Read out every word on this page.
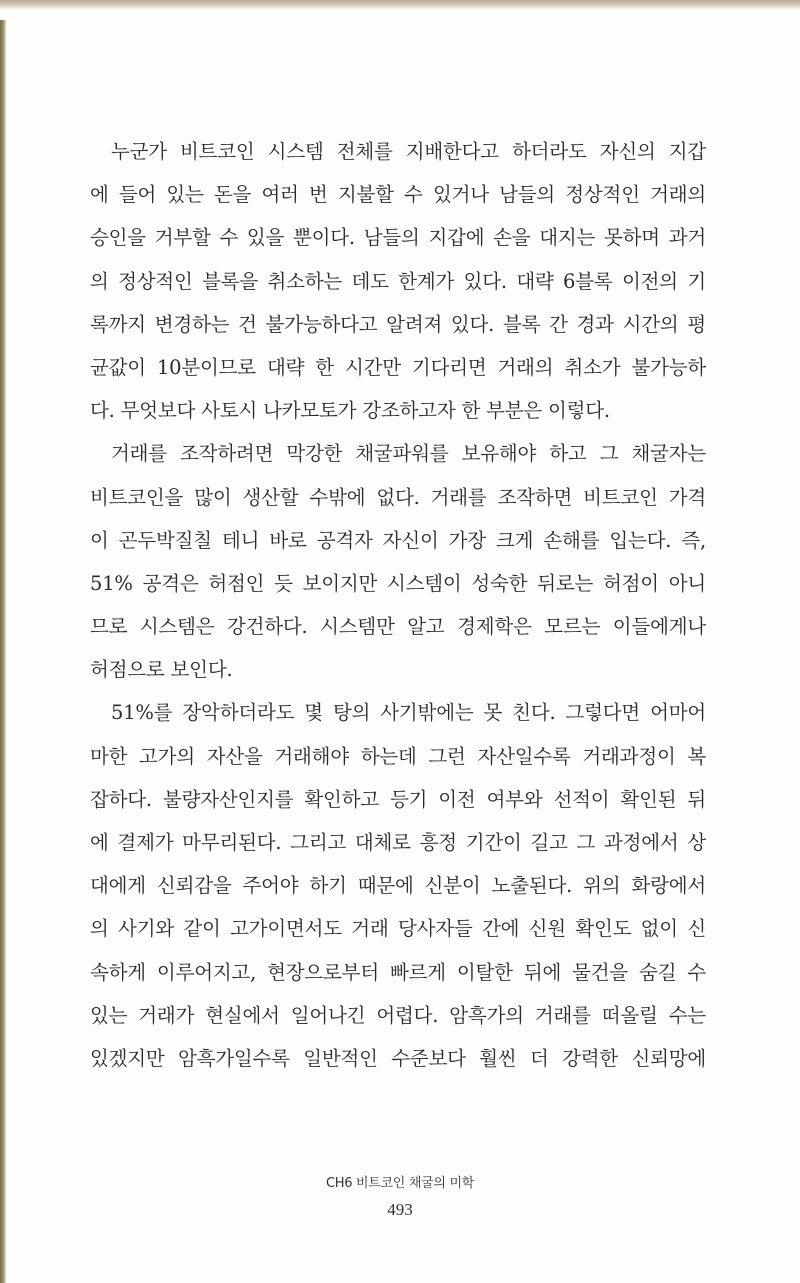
누군가 비트코인 시스템 전체를 지배한다고 하더라도 자신의 지갑
에 들어 있는 돈을 여러 번 지불할 수 있거나 남들의 정상적인 거래의
승인을 거부할 수 있을 뿐이다. 남들의 지갑에 손을 대지는 못하며 과거
의 정상적인 블록을 취소하는 데도 한계가 있다. 대략 6블록 이전의 기
록까지 변경하는 건 불가능하다고 알려져 있다. 블록 간 경과 시간의 평
균값이 10분이므로 대략 한 시간만 기다리면 거래의 취소가 불가능하
다. 무엇보다 사토시 나카모토가 강조하고자 한 부분은 이렇다.
거래를 조작하려면 막강한 채굴파워를 보유해야 하고 그 채굴자는
비트코인을 많이 생산할 수밖에 없다. 거래를 조작하면 비트코인 가격
이 곤두박질칠 테니 바로 공격자 자신이 가장 크게 손해를 입는다. 즉,
51% 공격은 허점인 듯 보이지만 시스템이 성숙한 뒤로는 허점이 아니
므로 시스템은 강건하다. 시스템만 알고 경제학은 모르는 이들에게나
허점으로 보인다.
51%를 장악하더라도 몇 탕의 사기밖에는 못 친다. 그렇다면 어마어
마한 고가의 자산을 거래해야 하는데 그런 자산일수록 거래과정이 복
잡하다. 불량자산인지를 확인하고 등기 이전 여부와 선적이 확인된 뒤
에 결제가 마무리된다. 그리고 대체로 흥정 기간이 길고 그 과정에서 상
대에게 신뢰감을 주어야 하기 때문에 신분이 노출된다. 위의 화랑에서
의 사기와 같이 고가이면서도 거래 당사자들 간에 신원 확인도 없이 신
속하게 이루어지고, 현장으로부터 빠르게 이탈한 뒤에 물건을 숨길 수
있는 거래가 현실에서 일어나긴 어렵다. 암흑가의 거래를 떠올릴 수는
있겠지만 암흑가일수록 일반적인 수준보다 훨씬 더 강력한 신뢰망에
CH6 비트코인 채굴의 미학
493
